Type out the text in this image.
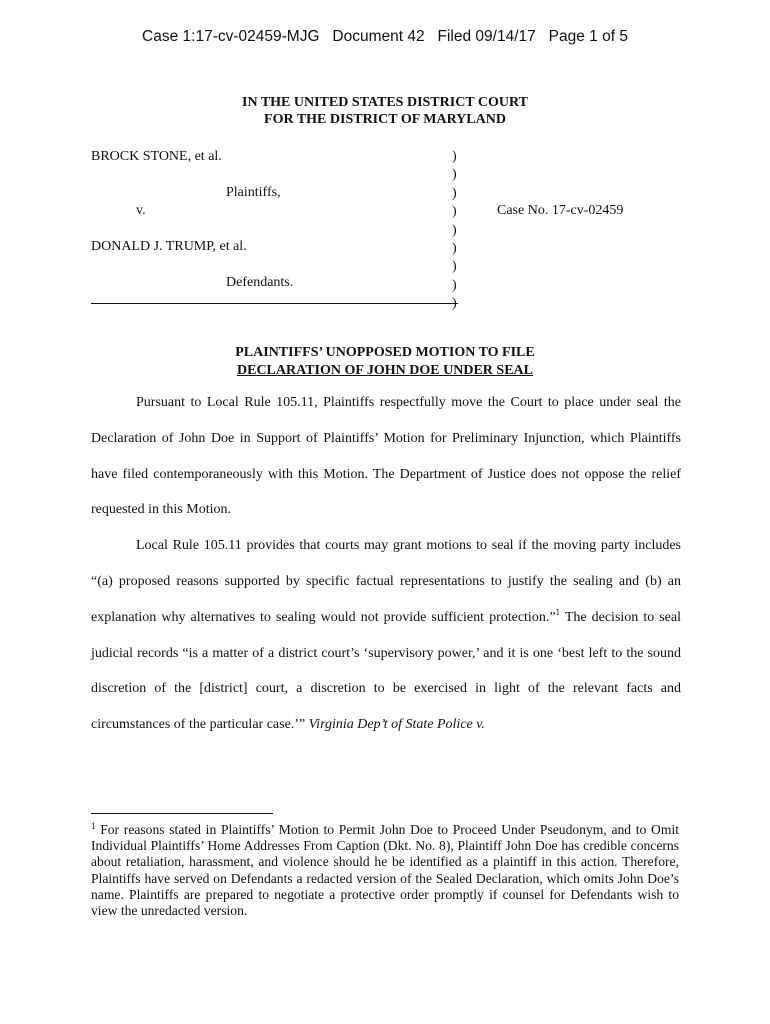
Case 1:17-cv-02459-MJG   Document 42   Filed 09/14/17   Page 1 of 5
IN THE UNITED STATES DISTRICT COURT
FOR THE DISTRICT OF MARYLAND
BROCK STONE, et al.
Plaintiffs,
v.
DONALD J. TRUMP, et al.
Defendants.
Case No. 17-cv-02459
)
)
)
)
)
)
)
)
)
PLAINTIFFS’ UNOPPOSED MOTION TO FILE
DECLARATION OF JOHN DOE UNDER SEAL

Pursuant to Local Rule 105.11, Plaintiffs respectfully move the Court to place under seal the Declaration of John Doe in Support of Plaintiffs’ Motion for Preliminary Injunction, which Plaintiffs have filed contemporaneously with this Motion. The Department of Justice does not oppose the relief requested in this Motion.

Local Rule 105.11 provides that courts may grant motions to seal if the moving party includes “(a) proposed reasons supported by specific factual representations to justify the sealing and (b) an explanation why alternatives to sealing would not provide sufficient protection.”$^1$ The decision to seal judicial records “is a matter of a district court’s ‘supervisory power,’ and it is one ‘best left to the sound discretion of the [district] court, a discretion to be exercised in light of the relevant facts and circumstances of the particular case.’” Virginia Dep’t of State Police v.

$^1$ For reasons stated in Plaintiffs’ Motion to Permit John Doe to Proceed Under Pseudonym, and to Omit Individual Plaintiffs’ Home Addresses From Caption (Dkt. No. 8), Plaintiff John Doe has credible concerns about retaliation, harassment, and violence should he be identified as a plaintiff in this action. Therefore, Plaintiffs have served on Defendants a redacted version of the Sealed Declaration, which omits John Doe’s name. Plaintiffs are prepared to negotiate a protective order promptly if counsel for Defendants wish to view the unredacted version.
